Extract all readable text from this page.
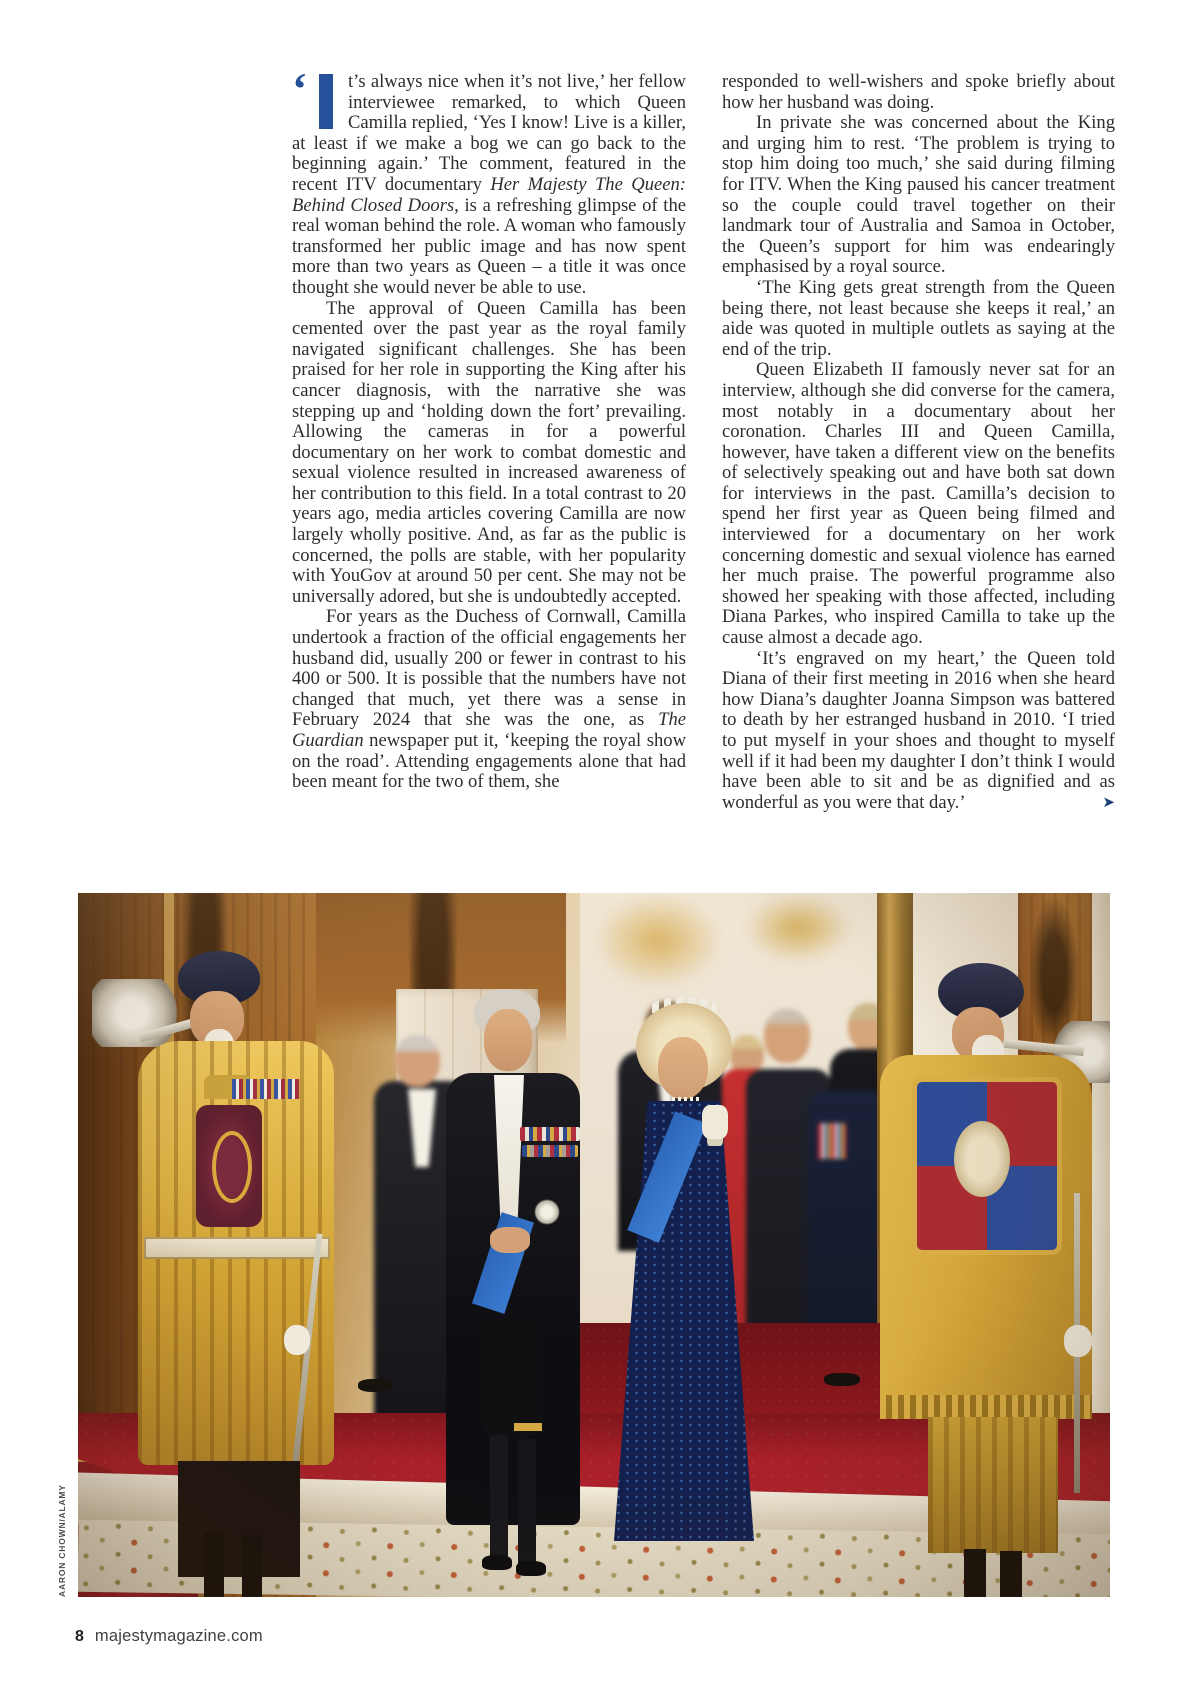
‘ t’s always nice when it’s not live,’ her fellow interviewee remarked, to which Queen Camilla replied, ‘Yes I know! Live is a killer, at least if we make a bog we can go back to the beginning again.’ The comment, featured in the recent ITV documentary Her Majesty The Queen: Behind Closed Doors, is a refreshing glimpse of the real woman behind the role. A woman who famously transformed her public image and has now spent more than two years as Queen – a title it was once thought she would never be able to use.

The approval of Queen Camilla has been cemented over the past year as the royal family navigated significant challenges. She has been praised for her role in supporting the King after his cancer diagnosis, with the narrative she was stepping up and ‘holding down the fort’ prevailing. Allowing the cameras in for a powerful documentary on her work to combat domestic and sexual violence resulted in increased awareness of her contribution to this field. In a total contrast to 20 years ago, media articles covering Camilla are now largely wholly positive. And, as far as the public is concerned, the polls are stable, with her popularity with YouGov at around 50 per cent. She may not be universally adored, but she is undoubtedly accepted.

For years as the Duchess of Cornwall, Camilla undertook a fraction of the official engagements her husband did, usually 200 or fewer in contrast to his 400 or 500. It is possible that the numbers have not changed that much, yet there was a sense in February 2024 that she was the one, as The Guardian newspaper put it, ‘keeping the royal show on the road’. Attending engagements alone that had been meant for the two of them, she

responded to well-wishers and spoke briefly about how her husband was doing.

In private she was concerned about the King and urging him to rest. ‘The problem is trying to stop him doing too much,’ she said during filming for ITV. When the King paused his cancer treatment so the couple could travel together on their landmark tour of Australia and Samoa in October, the Queen’s support for him was endearingly emphasised by a royal source.

‘The King gets great strength from the Queen being there, not least because she keeps it real,’ an aide was quoted in multiple outlets as saying at the end of the trip.

Queen Elizabeth II famously never sat for an interview, although she did converse for the camera, most notably in a documentary about her coronation. Charles III and Queen Camilla, however, have taken a different view on the benefits of selectively speaking out and have both sat down for interviews in the past. Camilla’s decision to spend her first year as Queen being filmed and interviewed for a documentary on her work concerning domestic and sexual violence has earned her much praise. The powerful programme also showed her speaking with those affected, including Diana Parkes, who inspired Camilla to take up the cause almost a decade ago.

‘It’s engraved on my heart,’ the Queen told Diana of their first meeting in 2016 when she heard how Diana’s daughter Joanna Simpson was battered to death by her estranged husband in 2010. ‘I tried to put myself in your shoes and thought to myself well if it had been my daughter I don’t think I would have been able to sit and be as dignified and as wonderful as you were that day.’	➤
AARON CHOWN/ALAMY
8 majestymagazine.com
